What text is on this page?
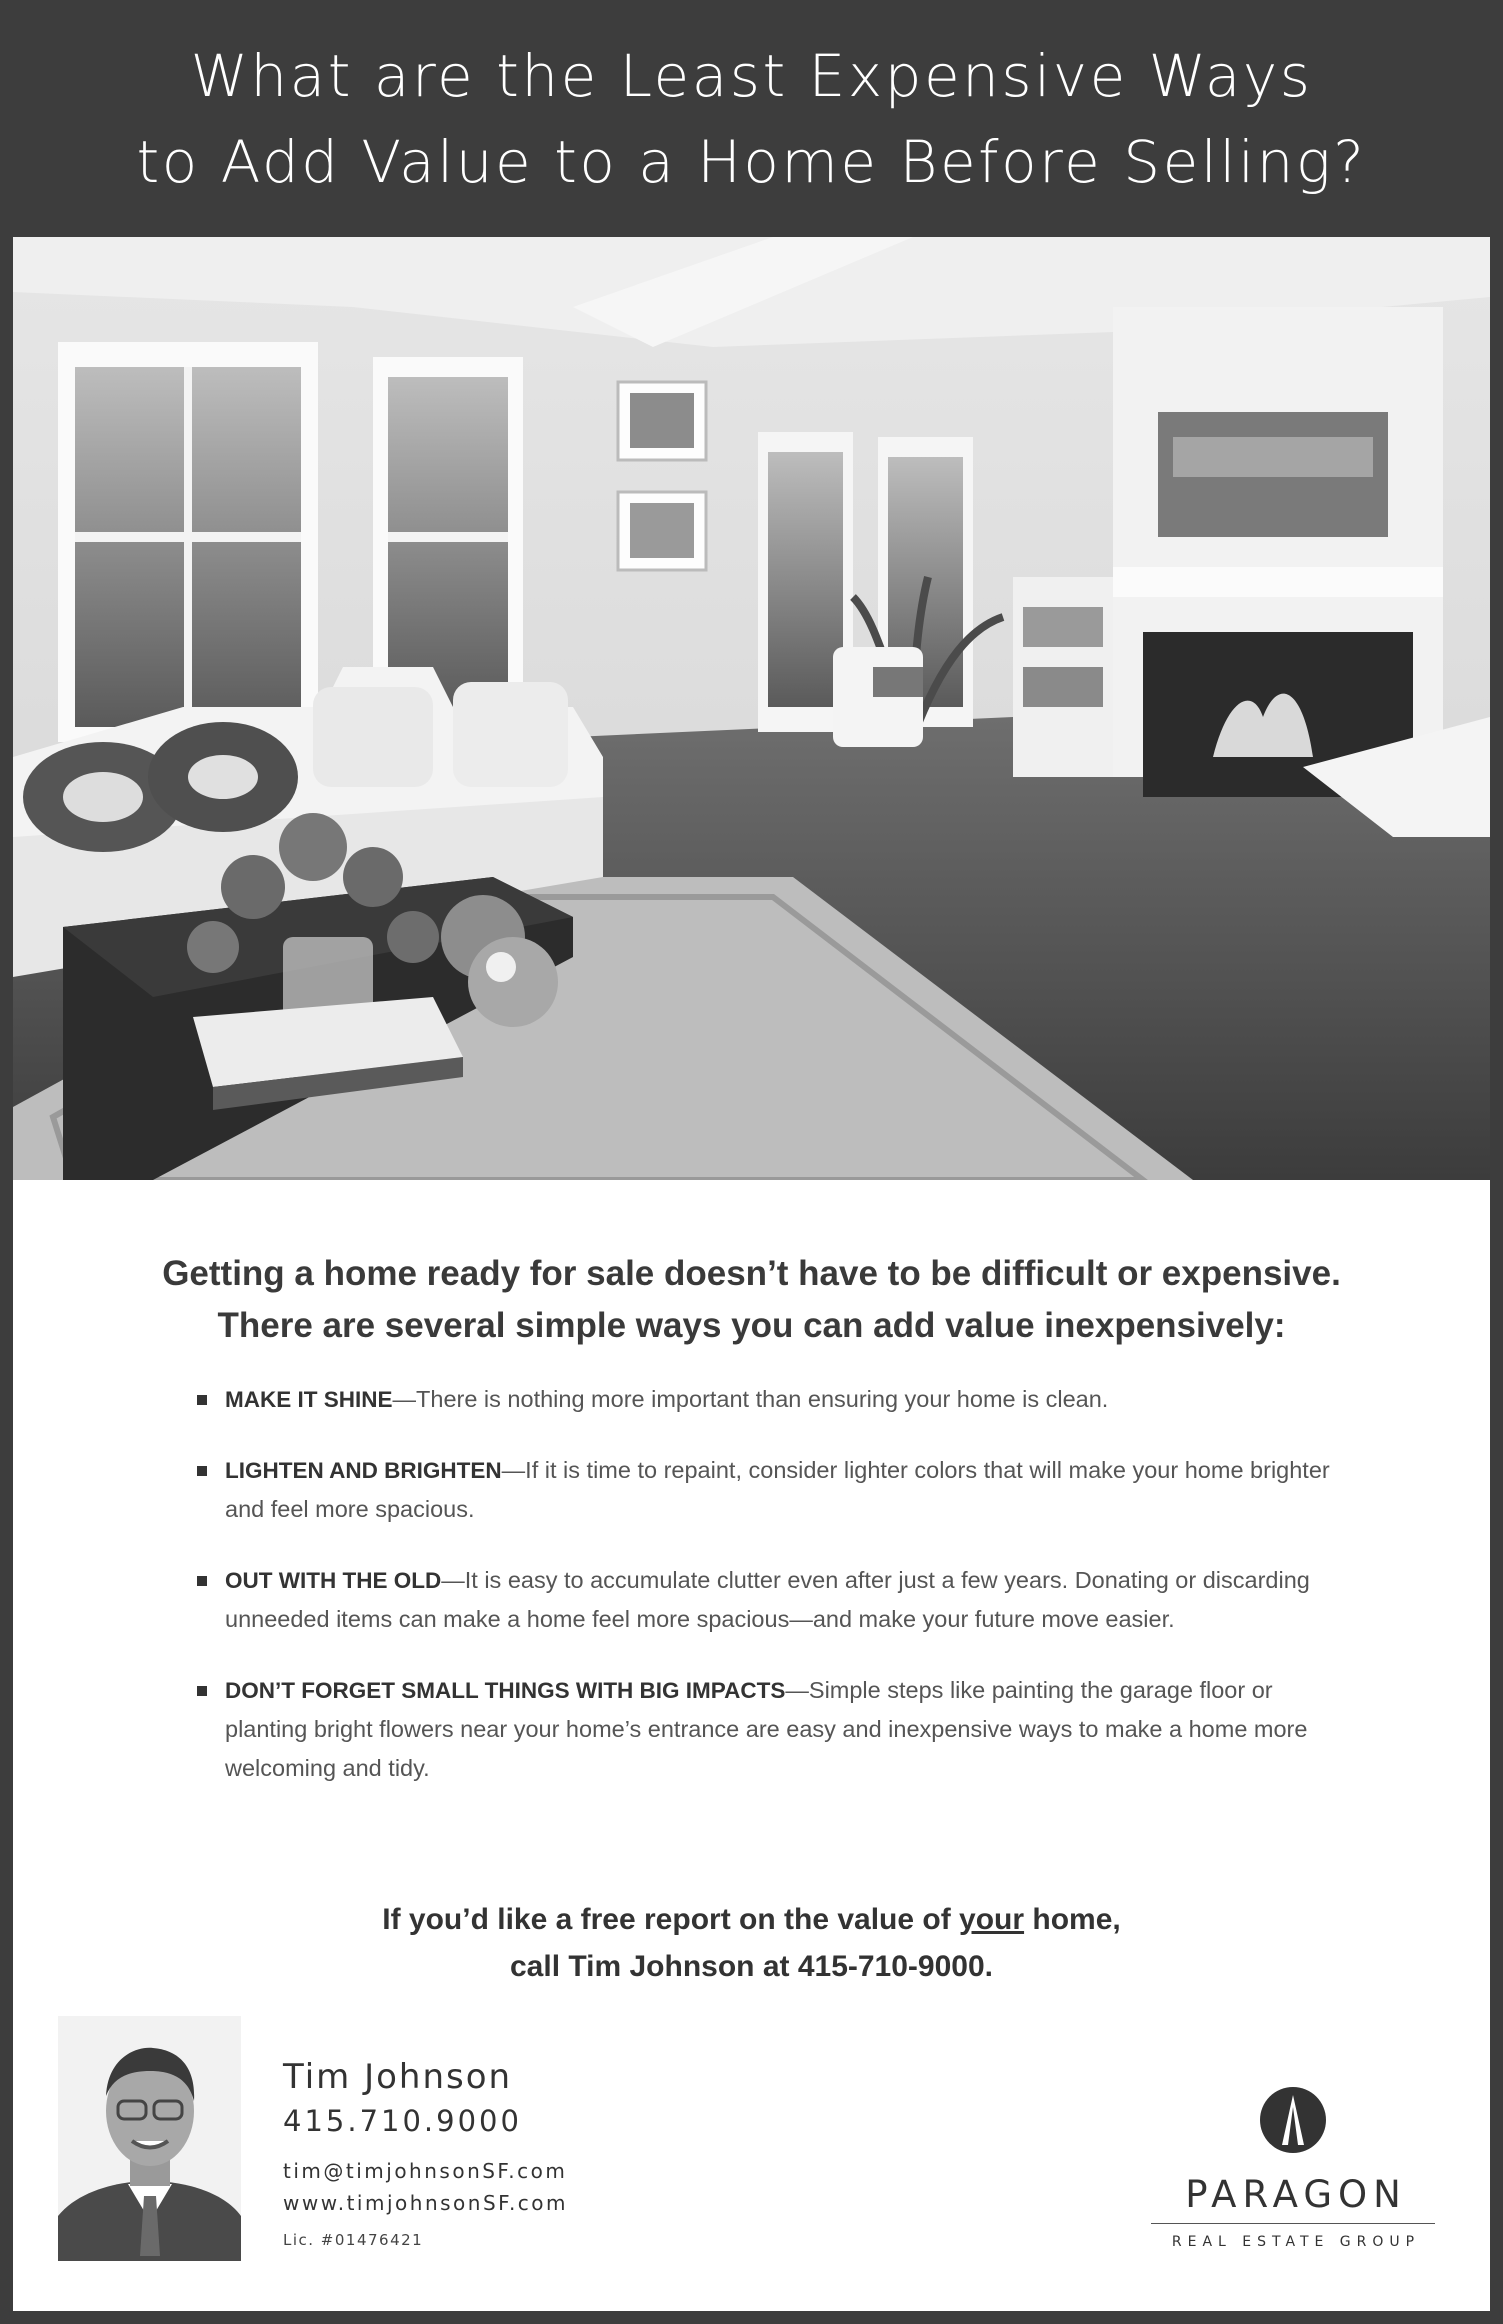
What are the Least Expensive Ways
to Add Value to a Home Before Selling?
Getting a home ready for sale doesn’t have to be difficult or expensive.
There are several simple ways you can add value inexpensively:
MAKE IT SHINE—There is nothing more important than ensuring your home is clean.
LIGHTEN AND BRIGHTEN—If it is time to repaint, consider lighter colors that will make your home brighter and feel more spacious.
OUT WITH THE OLD—It is easy to accumulate clutter even after just a few years. Donating or discarding unneeded items can make a home feel more spacious—and make your future move easier.
DON’T FORGET SMALL THINGS WITH BIG IMPACTS—Simple steps like painting the garage floor or planting bright flowers near your home’s entrance are easy and inexpensive ways to make a home more welcoming and tidy.
If you’d like a free report on the value of your home,
call Tim Johnson at 415-710-9000.
Tim Johnson
415.710.9000
tim@timjohnsonSF.com
www.timjohnsonSF.com
Lic. #01476421
PARAGON
REAL ESTATE GROUP
